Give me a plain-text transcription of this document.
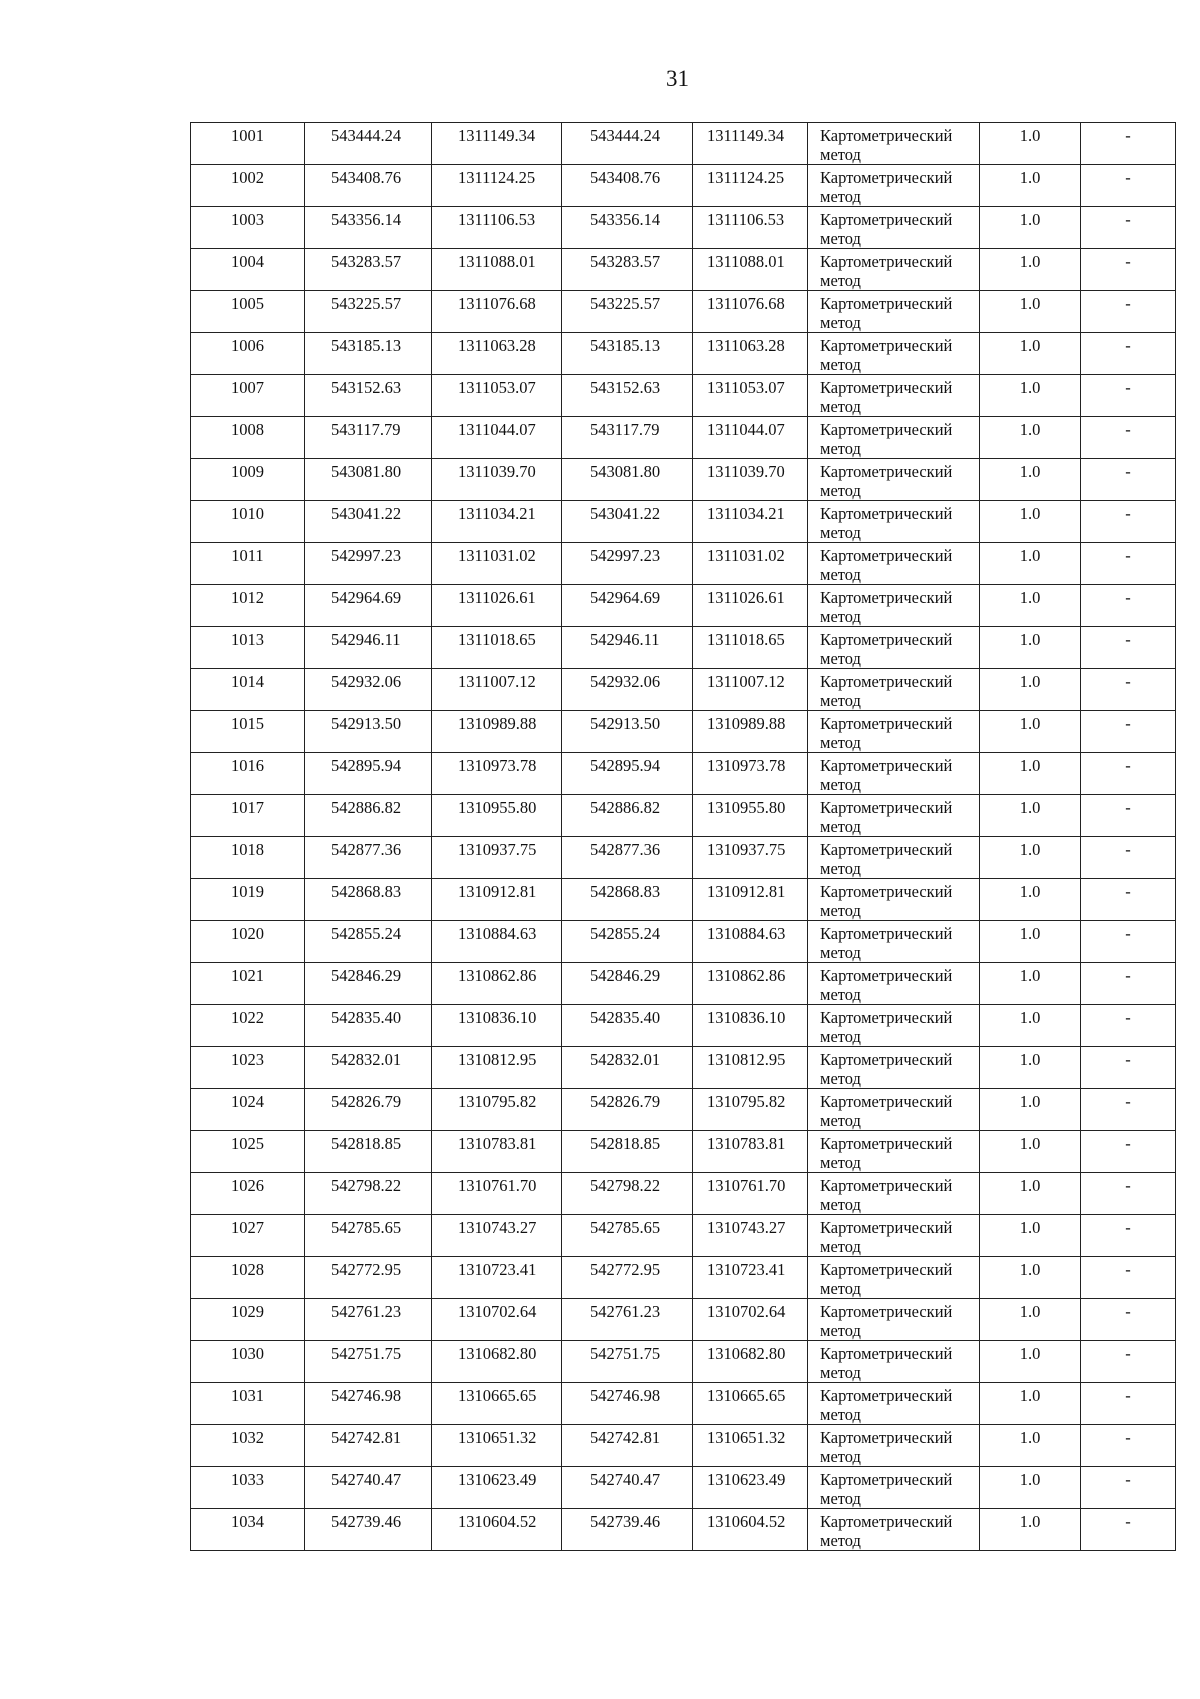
31
1001	543444.24	1311149.34	543444.24	1311149.34	Картометрический метод	1.0	-

1002	543408.76	1311124.25	543408.76	1311124.25	Картометрический метод	1.0	-

1003	543356.14	1311106.53	543356.14	1311106.53	Картометрический метод	1.0	-

1004	543283.57	1311088.01	543283.57	1311088.01	Картометрический метод	1.0	-

1005	543225.57	1311076.68	543225.57	1311076.68	Картометрический метод	1.0	-

1006	543185.13	1311063.28	543185.13	1311063.28	Картометрический метод	1.0	-

1007	543152.63	1311053.07	543152.63	1311053.07	Картометрический метод	1.0	-

1008	543117.79	1311044.07	543117.79	1311044.07	Картометрический метод	1.0	-

1009	543081.80	1311039.70	543081.80	1311039.70	Картометрический метод	1.0	-

1010	543041.22	1311034.21	543041.22	1311034.21	Картометрический метод	1.0	-

1011	542997.23	1311031.02	542997.23	1311031.02	Картометрический метод	1.0	-

1012	542964.69	1311026.61	542964.69	1311026.61	Картометрический метод	1.0	-

1013	542946.11	1311018.65	542946.11	1311018.65	Картометрический метод	1.0	-

1014	542932.06	1311007.12	542932.06	1311007.12	Картометрический метод	1.0	-

1015	542913.50	1310989.88	542913.50	1310989.88	Картометрический метод	1.0	-

1016	542895.94	1310973.78	542895.94	1310973.78	Картометрический метод	1.0	-

1017	542886.82	1310955.80	542886.82	1310955.80	Картометрический метод	1.0	-

1018	542877.36	1310937.75	542877.36	1310937.75	Картометрический метод	1.0	-

1019	542868.83	1310912.81	542868.83	1310912.81	Картометрический метод	1.0	-

1020	542855.24	1310884.63	542855.24	1310884.63	Картометрический метод	1.0	-

1021	542846.29	1310862.86	542846.29	1310862.86	Картометрический метод	1.0	-

1022	542835.40	1310836.10	542835.40	1310836.10	Картометрический метод	1.0	-

1023	542832.01	1310812.95	542832.01	1310812.95	Картометрический метод	1.0	-

1024	542826.79	1310795.82	542826.79	1310795.82	Картометрический метод	1.0	-

1025	542818.85	1310783.81	542818.85	1310783.81	Картометрический метод	1.0	-

1026	542798.22	1310761.70	542798.22	1310761.70	Картометрический метод	1.0	-

1027	542785.65	1310743.27	542785.65	1310743.27	Картометрический метод	1.0	-

1028	542772.95	1310723.41	542772.95	1310723.41	Картометрический метод	1.0	-

1029	542761.23	1310702.64	542761.23	1310702.64	Картометрический метод	1.0	-

1030	542751.75	1310682.80	542751.75	1310682.80	Картометрический метод	1.0	-

1031	542746.98	1310665.65	542746.98	1310665.65	Картометрический метод	1.0	-

1032	542742.81	1310651.32	542742.81	1310651.32	Картометрический метод	1.0	-

1033	542740.47	1310623.49	542740.47	1310623.49	Картометрический метод	1.0	-

1034	542739.46	1310604.52	542739.46	1310604.52	Картометрический метод	1.0	-
